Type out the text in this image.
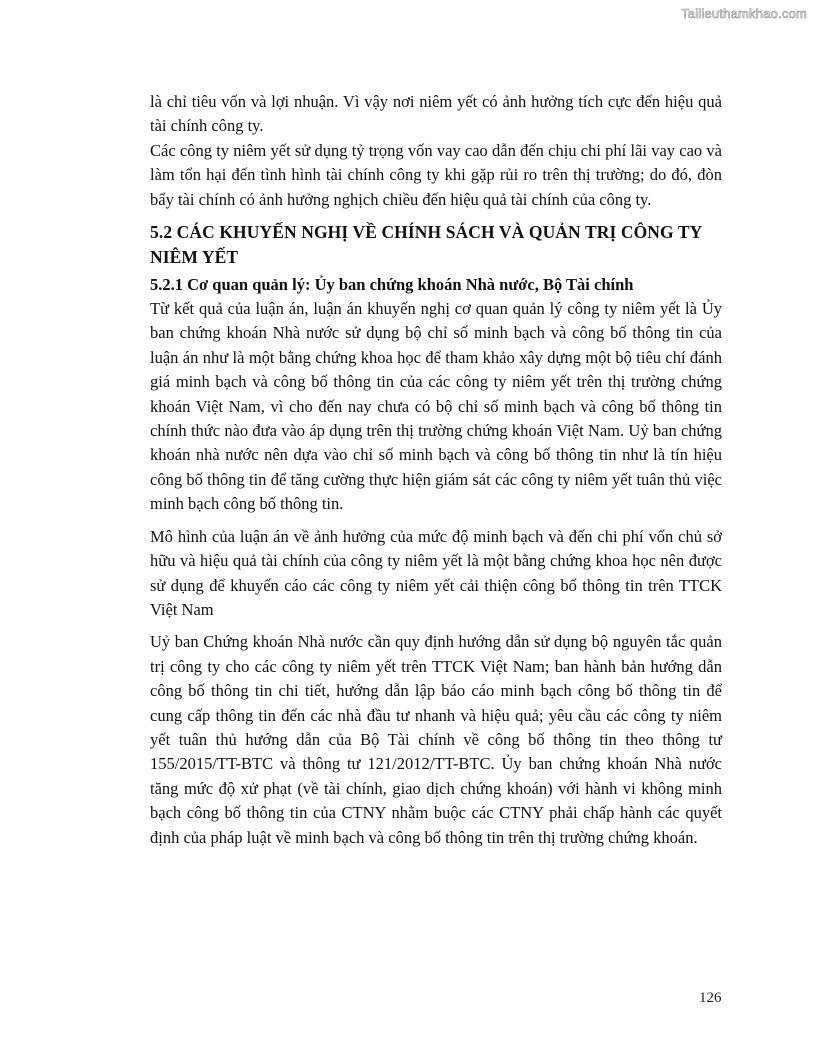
Tailieuthamkhao.com

là chỉ tiêu vốn và lợi nhuận. Vì vậy nơi niêm yết có ảnh hưởng tích cực đến hiệu quả tài chính công ty.

Các công ty niêm yết sử dụng tỷ trọng vốn vay cao dẫn đến chịu chi phí lãi vay cao và làm tổn hại đến tình hình tài chính công ty khi gặp rủi ro trên thị trường; do đó, đòn bẩy tài chính có ảnh hưởng nghịch chiều đến hiệu quả tài chính của công ty.

5.2 CÁC KHUYẾN NGHỊ VỀ CHÍNH SÁCH VÀ QUẢN TRỊ CÔNG TY NIÊM YẾT
5.2.1 Cơ quan quản lý: Ủy ban chứng khoán Nhà nước, Bộ Tài chính

Từ kết quả của luận án, luận án khuyến nghị cơ quan quản lý công ty niêm yết là Ủy ban chứng khoán Nhà nước sử dụng bộ chỉ số minh bạch và công bố thông tin của luận án như là một bằng chứng khoa học để tham khảo xây dựng một bộ tiêu chí đánh giá minh bạch và công bố thông tin của các công ty niêm yết trên thị trường chứng khoán Việt Nam, vì cho đến nay chưa có bộ chỉ số minh bạch và công bố thông tin chính thức nào đưa vào áp dụng trên thị trường chứng khoán Việt Nam. Uỷ ban chứng khoán nhà nước nên dựa vào chỉ số minh bạch và công bố thông tin như là tín hiệu công bố thông tin để tăng cường thực hiện giám sát các công ty niêm yết tuân thủ việc minh bạch công bố thông tin.

Mô hình của luận án về ảnh hưởng của mức độ minh bạch và đến chi phí vốn chủ sở hữu và hiệu quả tài chính của công ty niêm yết là một bằng chứng khoa học nên được sử dụng để khuyến cáo các công ty niêm yết cải thiện công bố thông tin trên TTCK Việt Nam

Uỷ ban Chứng khoán Nhà nước cần quy định hướng dẫn sử dụng bộ nguyên tắc quản trị công ty cho các công ty niêm yết trên TTCK Việt Nam; ban hành bản hướng dẫn công bố thông tin chi tiết, hướng dẫn lập báo cáo minh bạch công bố thông tin để cung cấp thông tin đến các nhà đầu tư nhanh và hiệu quả; yêu cầu các công ty niêm yết tuân thủ hướng dẫn của Bộ Tài chính về công bố thông tin theo thông tư 155/2015/TT-BTC và thông tư 121/2012/TT-BTC. Ủy ban chứng khoán Nhà nước tăng mức độ xử phạt (về tài chính, giao dịch chứng khoán) với hành vi không minh bạch công bố thông tin của CTNY nhằm buộc các CTNY phải chấp hành các quyết định của pháp luật về minh bạch và công bố thông tin trên thị trường chứng khoán.

126
